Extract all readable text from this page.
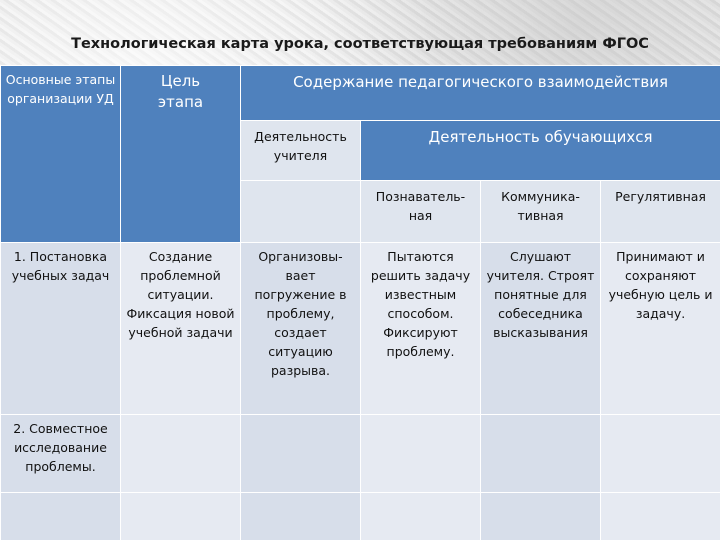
Технологическая карта урока, соответствующая требованиям ФГОС
Основные этапы организации УД	Цель этапа	Содержание педагогического взаимодействия			
		Деятельность учителя	Деятельность обучающихся		
			Познаватель-ная	Коммуника-тивная	Регулятивная
1. Постановка учебных задач	Создание проблемной ситуации. Фиксация новой учебной задачи	Организовы-вает погружение в проблему, создает ситуацию разрыва.	Пытаются решить задачу известным способом. Фиксируют проблему.	Слушают учителя. Строят понятные для собеседника высказывания	Принимают и сохраняют учебную цель и задачу.
2. Совместное исследование проблемы.					
